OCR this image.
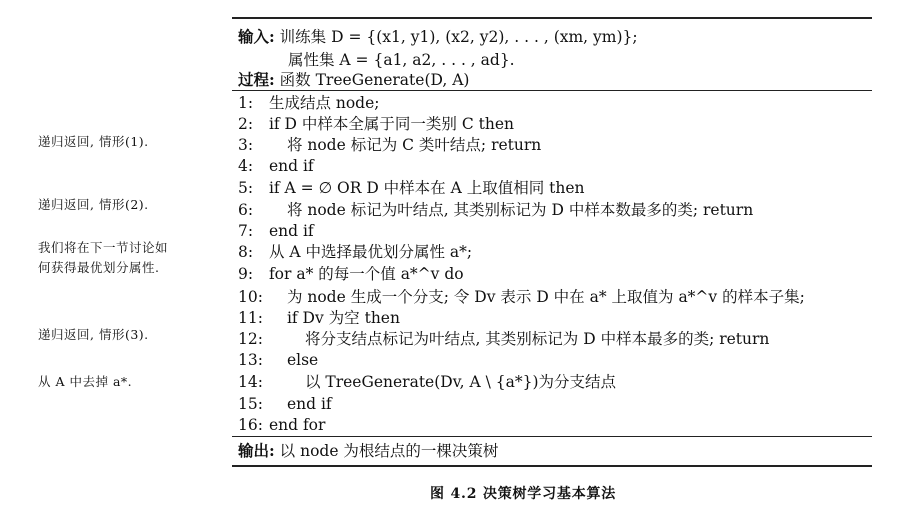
递归返回, 情形(1).
递归返回, 情形(2).
我们将在下一节讨论如
何获得最优划分属性.
递归返回, 情形(3).
从 A 中去掉 a*.
输入: 训练集 D = {(x1, y1), (x2, y2), . . . , (xm, ym)};
属性集 A = {a1, a2, . . . , ad}.
过程: 函数 TreeGenerate(D, A)
1: 生成结点 node;
2: if D 中样本全属于同一类别 C then
3: 将 node 标记为 C 类叶结点; return
4: end if
5: if A = ∅ OR D 中样本在 A 上取值相同 then
6: 将 node 标记为叶结点, 其类别标记为 D 中样本数最多的类; return
7: end if
8: 从 A 中选择最优划分属性 a*;
9: for a* 的每一个值 a*^v do
10: 为 node 生成一个分支; 令 Dv 表示 D 中在 a* 上取值为 a*^v 的样本子集;
11: if Dv 为空 then
12:	将分支结点标记为叶结点, 其类别标记为 D 中样本最多的类; return
13: else
14:	以 TreeGenerate(Dv, A \ {a*})为分支结点
15: end if
16: end for
输出: 以 node 为根结点的一棵决策树
图 4.2 决策树学习基本算法
